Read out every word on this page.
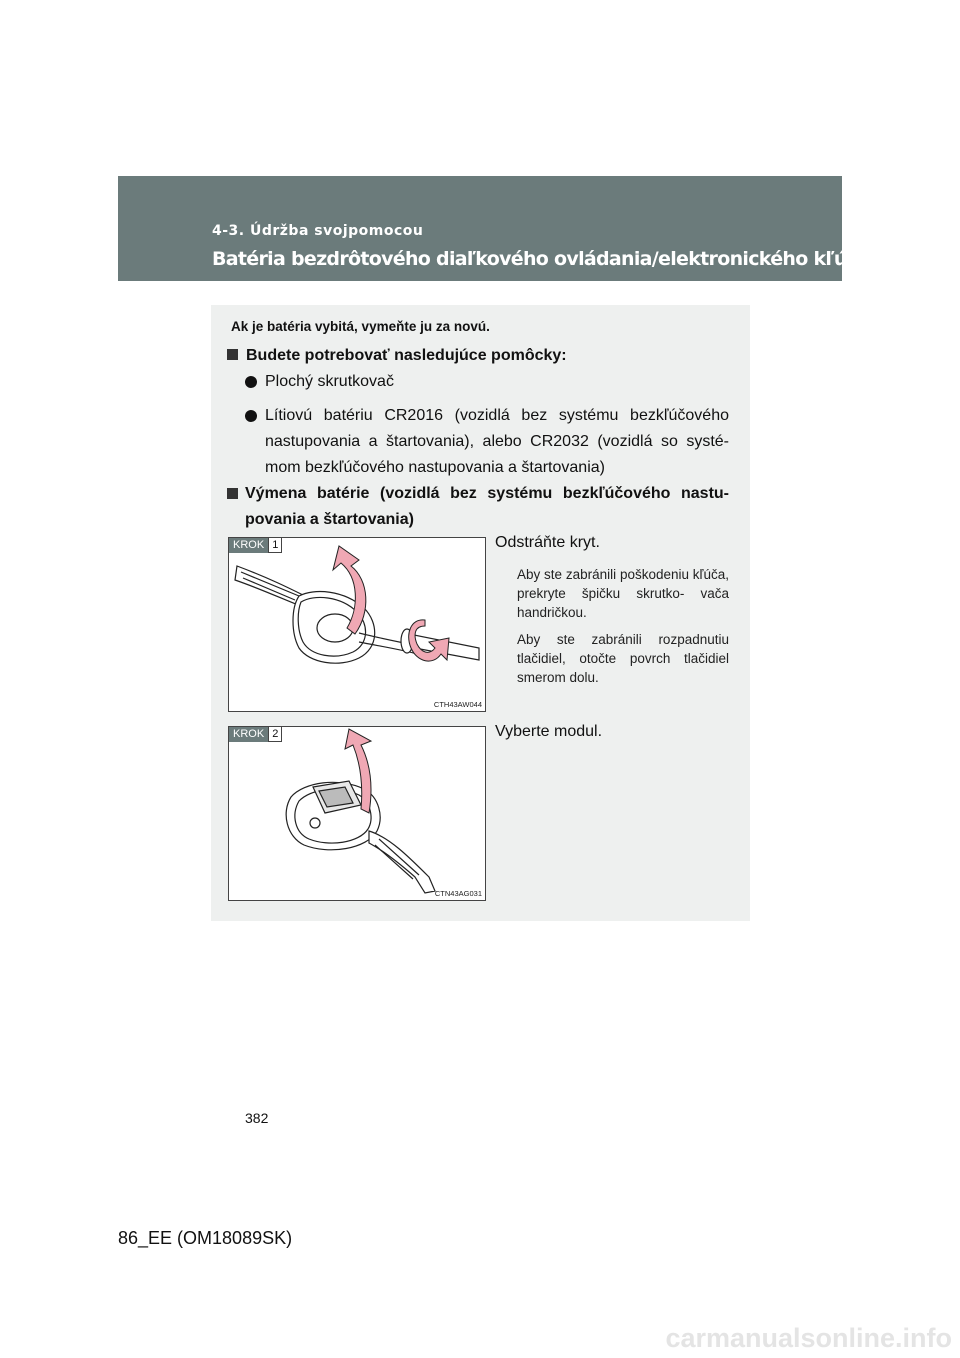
4-3. Údržba svojpomocou
Batéria bezdrôtového diaľkového ovládania/elektronického kľúča
Ak je batéria vybitá, vymeňte ju za novú.
Budete potrebovať nasledujúce pomôcky:
Plochý skrutkovač
Lítiovú batériu CR2016 (vozidlá bez systému bezkľúčového nastupovania a štartovania), alebo CR2032 (vozidlá so systé- mom bezkľúčového nastupovania a štartovania)
Výmena batérie (vozidlá bez systému bezkľúčového nastu- povania a štartovania)
KROK 1
CTH43AW044
Odstráňte kryt.
Aby ste zabránili poškodeniu kľúča, prekryte špičku skrutko- vača handričkou.
Aby ste zabránili rozpadnutiu tlačidiel, otočte povrch tlačidiel smerom dolu.
KROK 2
CTN43AG031
Vyberte modul.
382
86_EE (OM18089SK)
carmanualsonline.info
